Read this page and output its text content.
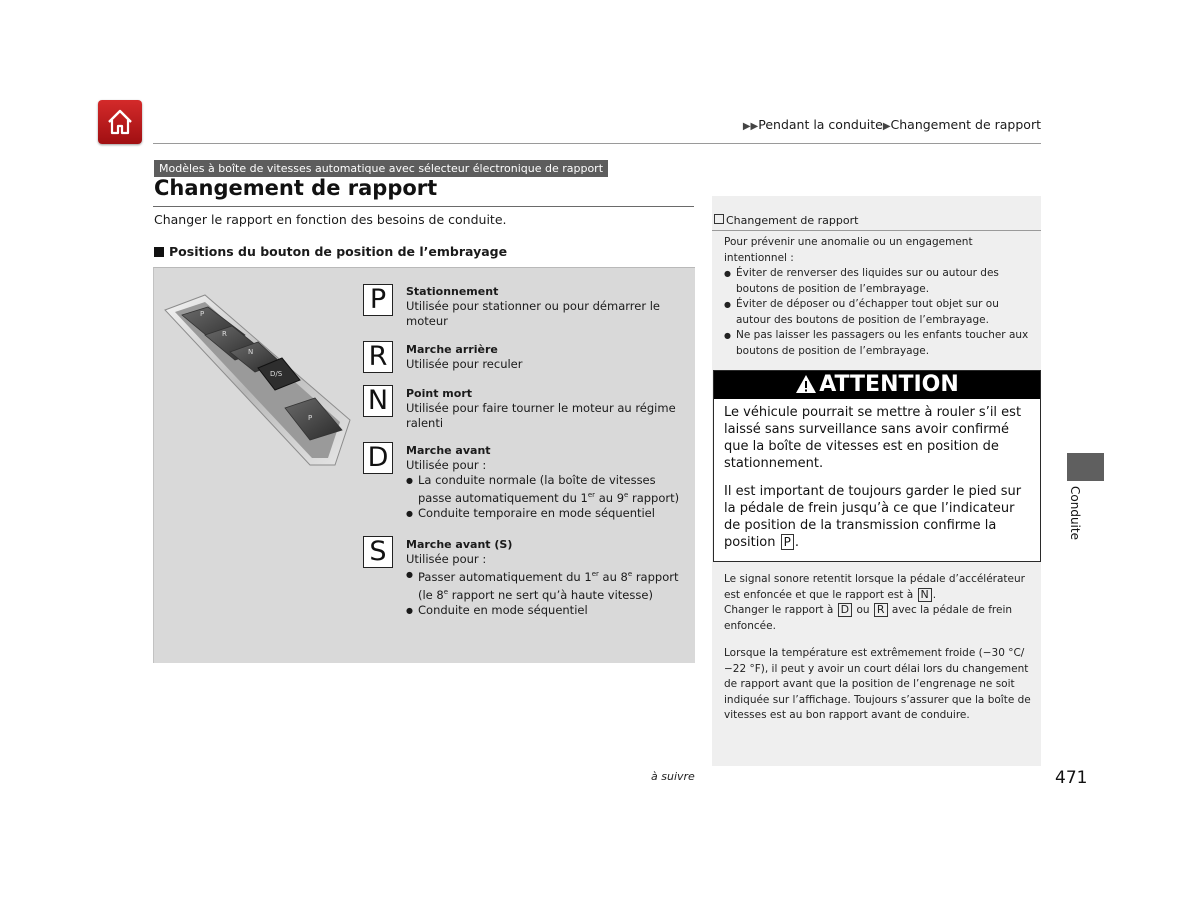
▶▶Pendant la conduite▶Changement de rapport
Modèles à boîte de vitesses automatique avec sélecteur électronique de rapport
Changement de rapport
Changer le rapport en fonction des besoins de conduite.
Positions du bouton de position de l’embrayage
P
R
N
D/S
P
P
R
N
D
S
Stationnement
Utilisée pour stationner ou pour démarrer le moteur
Marche arrière
Utilisée pour reculer
Point mort
Utilisée pour faire tourner le moteur au régime ralenti
Marche avant
Utilisée pour :
● La conduite normale (la boîte de vitesses passe automatiquement du 1er au 9e rapport)
● Conduite temporaire en mode séquentiel
Marche avant (S)
Utilisée pour :
● Passer automatiquement du 1er au 8e rapport (le 8e rapport ne sert qu’à haute vitesse)
● Conduite en mode séquentiel
Changement de rapport
Pour prévenir une anomalie ou un engagement intentionnel :
● Éviter de renverser des liquides sur ou autour des boutons de position de l’embrayage.
● Éviter de déposer ou d’échapper tout objet sur ou autour des boutons de position de l’embrayage.
● Ne pas laisser les passagers ou les enfants toucher aux boutons de position de l’embrayage.
ATTENTION
Le véhicule pourrait se mettre à rouler s’il est laissé sans surveillance sans avoir confirmé que la boîte de vitesses est en position de stationnement.
Il est important de toujours garder le pied sur la pédale de frein jusqu’à ce que l’indicateur de position de la transmission confirme la position P .
Le signal sonore retentit lorsque la pédale d’accélérateur est enfoncée et que le rapport est à N .
Changer le rapport à D ou R avec la pédale de frein enfoncée.
Lorsque la température est extrêmement froide (−30 °C/ −22 °F), il peut y avoir un court délai lors du changement de rapport avant que la position de l’engrenage ne soit indiquée sur l’affichage. Toujours s’assurer que la boîte de vitesses est au bon rapport avant de conduire.
Conduite
à suivre	471
